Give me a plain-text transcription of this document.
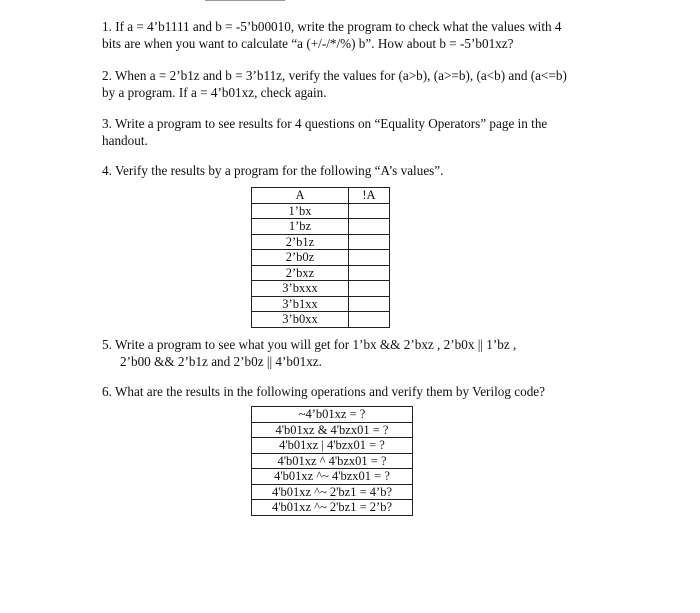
1. If a = 4’b1111 and b = -5’b00010, write the program to check what the values with 4

bits are when you want to calculate “a (+/-/*/%) b”. How about b = -5’b01xz?

2. When a = 2’b1z and b = 3’b11z, verify the values for (a>b), (a>=b), (a<b) and (a<=b)

by a program. If a = 4’b01xz, check again.

3. Write a program to see results for 4 questions on “Equality Operators” page in the

handout.

4. Verify the results by a program for the following “A’s values”.

A	!A
1’bx	
1’bz	
2’b1z	
2’b0z	
2’bxz	
3’bxxx	
3’b1xx	
3’b0xx	

5. Write a program to see what you will get for 1’bx && 2’bxz , 2’b0x || 1’bz ,

2’b00 && 2’b1z and 2’b0z || 4’b01xz.

6. What are the results in the following operations and verify them by Verilog code?

~4’b01xz = ?
4'b01xz & 4'bzx01 = ?
4'b01xz | 4'bzx01 = ?
4'b01xz ^ 4'bzx01 = ?
4'b01xz ^~ 4'bzx01 = ?
4'b01xz ^~ 2'bz1 = 4’b?
4'b01xz ^~ 2'bz1 = 2’b?
